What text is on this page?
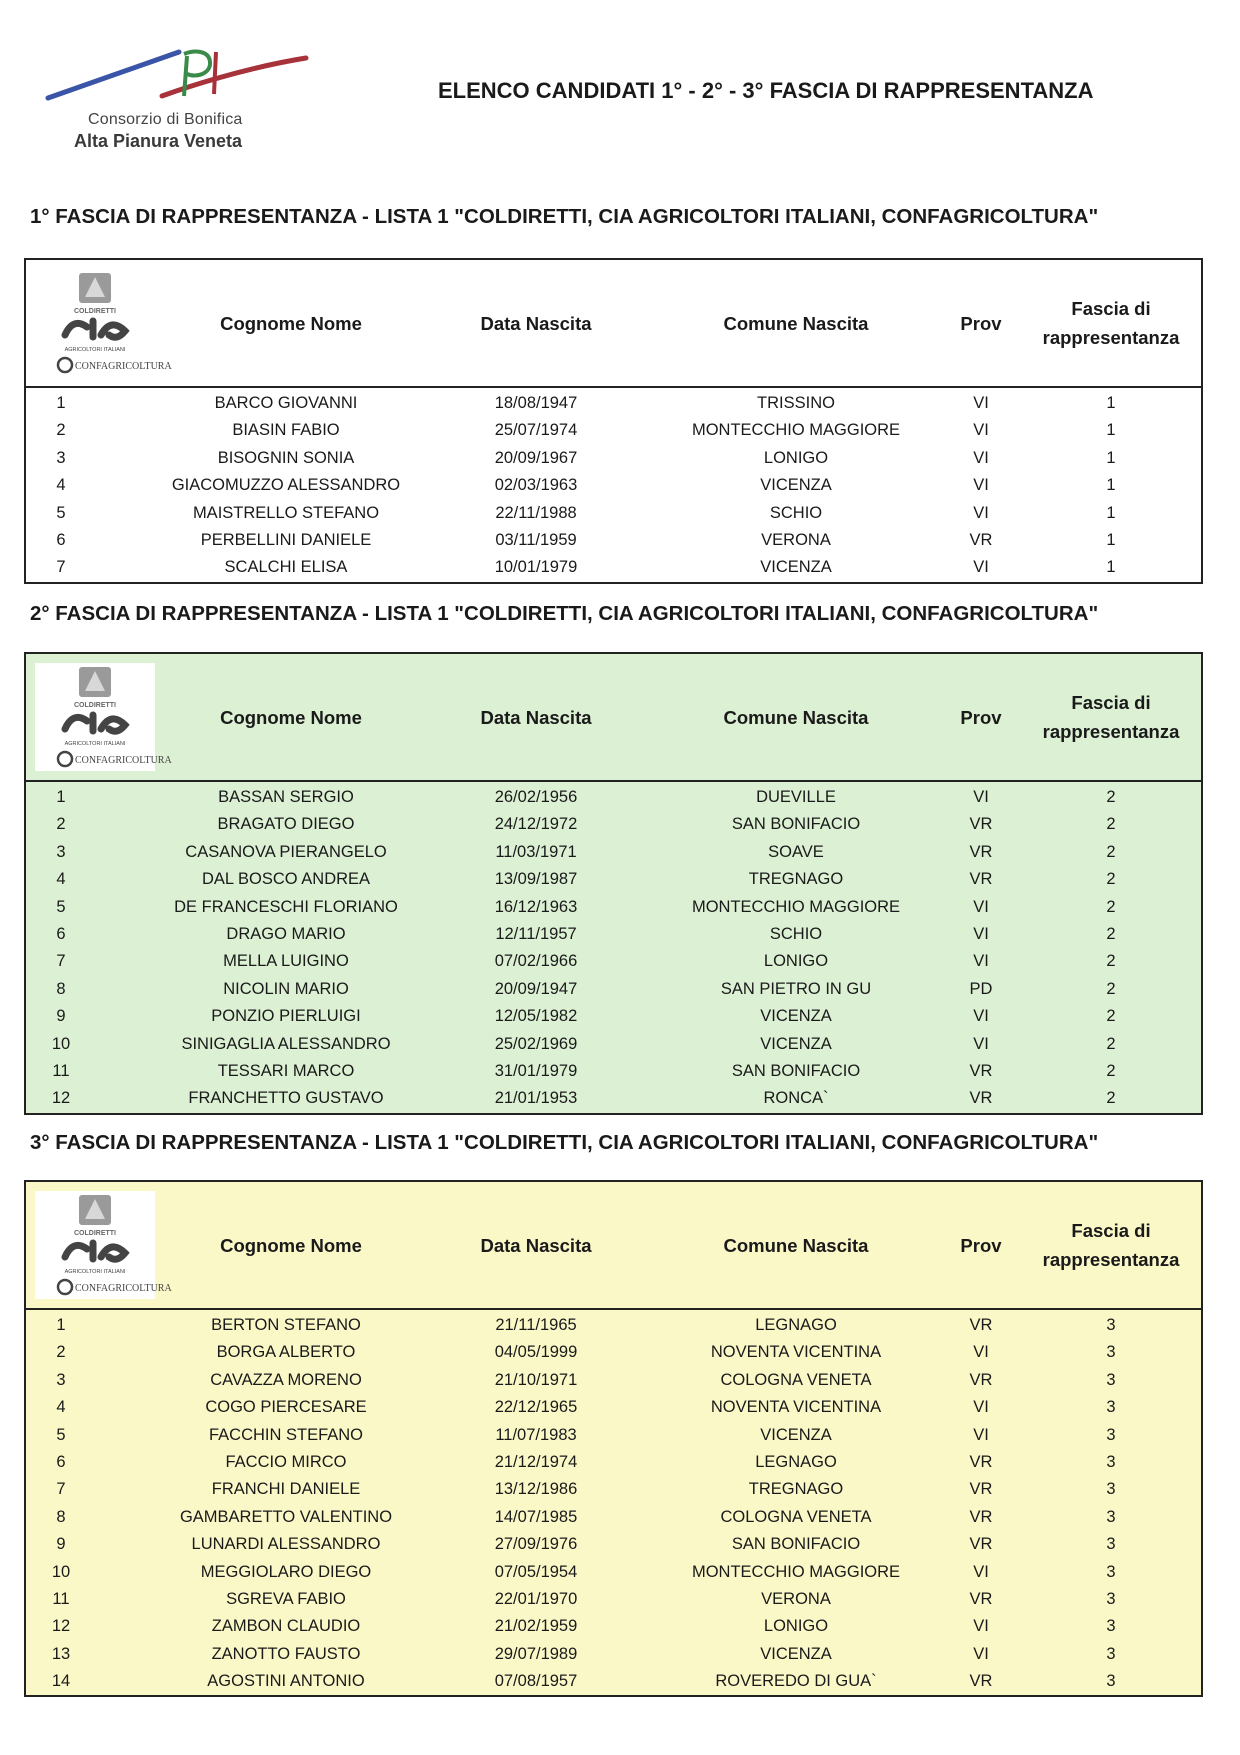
Consorzio di Bonifica
Alta Pianura Veneta
ELENCO CANDIDATI 1° - 2° - 3° FASCIA DI RAPPRESENTANZA
1° FASCIA DI RAPPRESENTANZA - LISTA 1 "COLDIRETTI, CIA AGRICOLTORI ITALIANI, CONFAGRICOLTURA"
COLDIRETTI
AGRICOLTORI ITALIANI
CONFAGRICOLTURA
Cognome Nome	Data Nascita	Comune Nascita	Prov
Fascia di rappresentanza
1	BARCO GIOVANNI	18/08/1947	TRISSINO	VI	1
2	BIASIN FABIO	25/07/1974	MONTECCHIO MAGGIORE	VI	1
3	BISOGNIN SONIA	20/09/1967	LONIGO	VI	1
4	GIACOMUZZO ALESSANDRO	02/03/1963	VICENZA	VI	1
5	MAISTRELLO STEFANO	22/11/1988	SCHIO	VI	1
6	PERBELLINI DANIELE	03/11/1959	VERONA	VR	1
7	SCALCHI ELISA	10/01/1979	VICENZA	VI	1
2° FASCIA DI RAPPRESENTANZA - LISTA 1 "COLDIRETTI, CIA AGRICOLTORI ITALIANI, CONFAGRICOLTURA"
COLDIRETTI
AGRICOLTORI ITALIANI
CONFAGRICOLTURA
Cognome Nome	Data Nascita	Comune Nascita	Prov
Fascia di rappresentanza
1	BASSAN SERGIO	26/02/1956	DUEVILLE	VI	2
2	BRAGATO DIEGO	24/12/1972	SAN BONIFACIO	VR	2
3	CASANOVA PIERANGELO	11/03/1971	SOAVE	VR	2
4	DAL BOSCO ANDREA	13/09/1987	TREGNAGO	VR	2
5	DE FRANCESCHI FLORIANO	16/12/1963	MONTECCHIO MAGGIORE	VI	2
6	DRAGO MARIO	12/11/1957	SCHIO	VI	2
7	MELLA LUIGINO	07/02/1966	LONIGO	VI	2
8	NICOLIN MARIO	20/09/1947	SAN PIETRO IN GU	PD	2
9	PONZIO PIERLUIGI	12/05/1982	VICENZA	VI	2
10	SINIGAGLIA ALESSANDRO	25/02/1969	VICENZA	VI	2
11	TESSARI MARCO	31/01/1979	SAN BONIFACIO	VR	2
12	FRANCHETTO GUSTAVO	21/01/1953	RONCA`	VR	2
3° FASCIA DI RAPPRESENTANZA - LISTA 1 "COLDIRETTI, CIA AGRICOLTORI ITALIANI, CONFAGRICOLTURA"
COLDIRETTI
AGRICOLTORI ITALIANI
CONFAGRICOLTURA
Cognome Nome	Data Nascita	Comune Nascita	Prov
Fascia di rappresentanza
1	BERTON STEFANO	21/11/1965	LEGNAGO	VR	3
2	BORGA ALBERTO	04/05/1999	NOVENTA VICENTINA	VI	3
3	CAVAZZA MORENO	21/10/1971	COLOGNA VENETA	VR	3
4	COGO PIERCESARE	22/12/1965	NOVENTA VICENTINA	VI	3
5	FACCHIN STEFANO	11/07/1983	VICENZA	VI	3
6	FACCIO MIRCO	21/12/1974	LEGNAGO	VR	3
7	FRANCHI DANIELE	13/12/1986	TREGNAGO	VR	3
8	GAMBARETTO VALENTINO	14/07/1985	COLOGNA VENETA	VR	3
9	LUNARDI ALESSANDRO	27/09/1976	SAN BONIFACIO	VR	3
10	MEGGIOLARO DIEGO	07/05/1954	MONTECCHIO MAGGIORE	VI	3
11	SGREVA FABIO	22/01/1970	VERONA	VR	3
12	ZAMBON CLAUDIO	21/02/1959	LONIGO	VI	3
13	ZANOTTO FAUSTO	29/07/1989	VICENZA	VI	3
14	AGOSTINI ANTONIO	07/08/1957	ROVEREDO DI GUA`	VR	3
